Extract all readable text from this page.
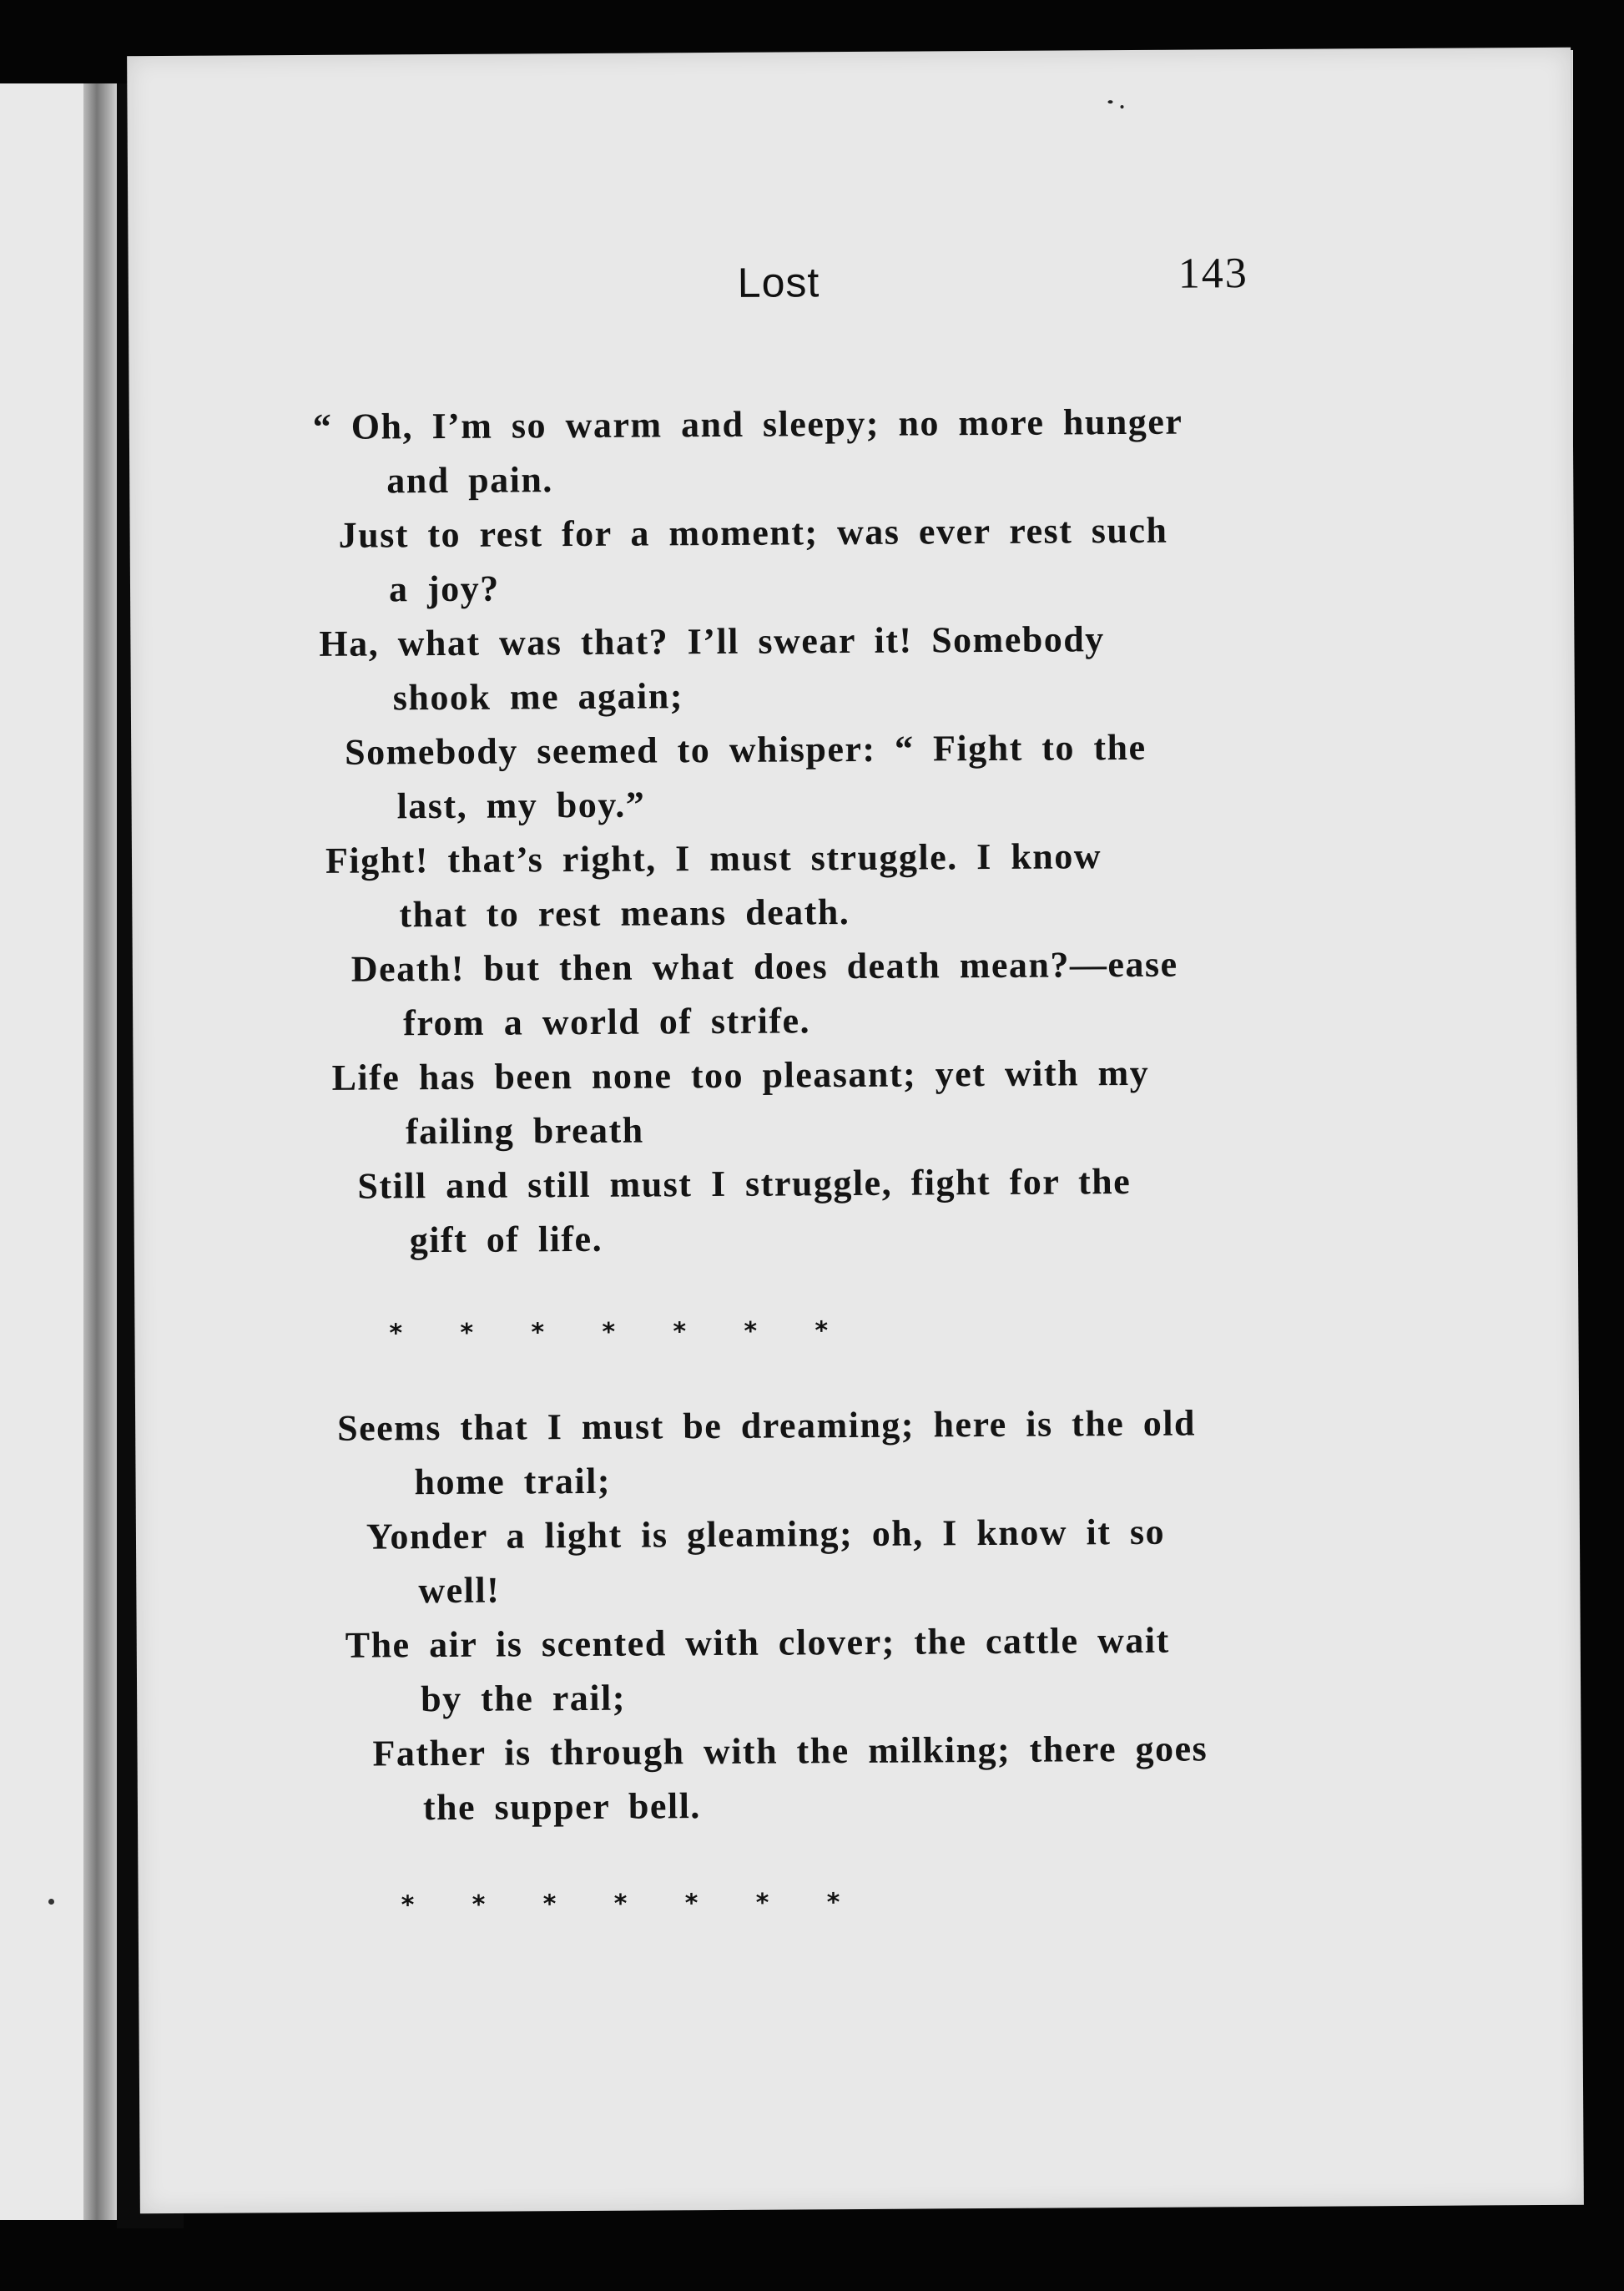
Lost	143
“ Oh, I’m so warm and sleepy; no more hunger
and pain.
Just to rest for a moment; was ever rest such
a joy?
Ha, what was that? I’ll swear it! Somebody
shook me again;
Somebody seemed to whisper: “ Fight to the
last, my boy.”
Fight! that’s right, I must struggle. I know
that to rest means death.
Death! but then what does death mean?—ease
from a world of strife.
Life has been none too pleasant; yet with my
failing breath
Still and still must I struggle, fight for the
gift of life.
* * * * * * *
Seems that I must be dreaming; here is the old
home trail;
Yonder a light is gleaming; oh, I know it so
well!
The air is scented with clover; the cattle wait
by the rail;
Father is through with the milking; there goes
the supper bell.
* * * * * * *
